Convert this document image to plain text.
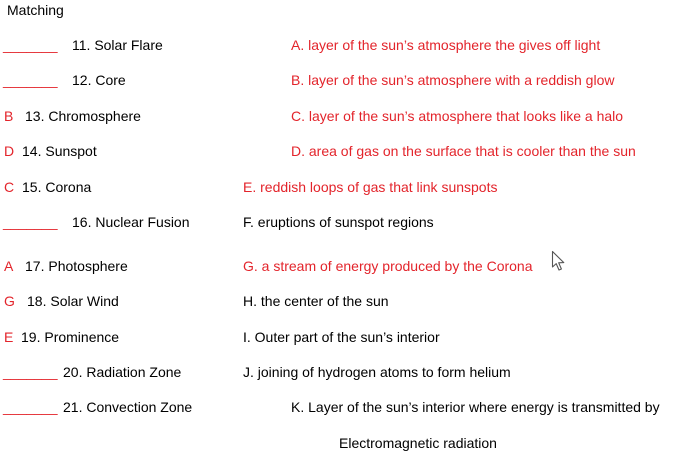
Matching
_______ 11. Solar Flare	A. layer of the sun’s atmosphere the gives off light
_______ 12. Core	B. layer of the sun’s atmosphere with a reddish glow
B 13. Chromosphere	C. layer of the sun’s atmosphere that looks like a halo
D 14. Sunspot	D. area of gas on the surface that is cooler than the sun
C 15. Corona	E. reddish loops of gas that link sunspots
_______ 16. Nuclear Fusion	F. eruptions of sunspot regions
A 17. Photosphere	G. a stream of energy produced by the Corona
G 18. Solar Wind	H. the center of the sun
E 19. Prominence	I. Outer part of the sun’s interior
_______ 20. Radiation Zone	J. joining of hydrogen atoms to form helium
_______ 21. Convection Zone	K. Layer of the sun’s interior where energy is transmitted by
Electromagnetic radiation
